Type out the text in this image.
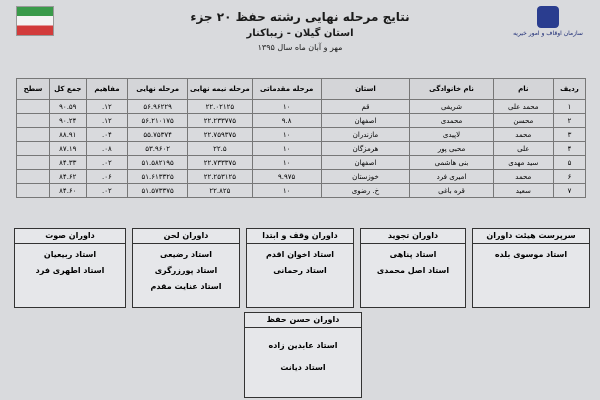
سازمان اوقاف و امور خیریه
نتایج مرحله نهایی رشته حفظ ۲۰ جزء
استان گیلان - زیباکنار
مهر و آبان ماه سال ۱۳۹۵
ردیف	نام	نام خانوادگی	استان	مرحله مقدماتی	مرحله نیمه نهایی	مرحله نهایی	مفاهیم	جمع کل	سطح
۱	محمد علی	شریفی	قم	۱۰	۲۲.۰۲۱۲۵	۵۶.۹۶۲۲۹	۱۲.	۹۰.۵۹	
۲	محسن	محمدی	اصفهان	۹.۸	۲۲.۲۳۳۷۷۵	۵۶.۲۱۰۱۷۵	۱۲.	۹۰.۲۴	
۳	محمد	لاپیدی	مازندران	۱۰	۲۲.۷۵۹۳۷۵	۵۵.۷۵۳۷۴	۰۴.	۸۸.۹۱	
۴	علی	محبی پور	هرمزگان	۱۰	۲۲.۵	۵۳.۹۶۰۲	۰۸.	۸۷.۱۹	
۵	سید مهدی	بنی هاشمی	اصفهان	۱۰	۲۲.۷۳۳۳۷۵	۵۱.۵۸۲۱۹۵	۰۲.	۸۴.۳۳	
۶	محمد	امیری فرد	خوزستان	۹.۹۷۵	۲۲.۲۵۳۱۲۵	۵۱.۶۱۳۳۲۵	۰۶.	۸۴.۶۲	
۷	سعید	قره باغی	خ. رضوی	۱۰	۲۲.۸۲۵	۵۱.۵۷۳۳۷۵	۰۲.	۸۴.۶۰	
سرپرست هیئت داوران
استاد موسوی بلده
داوران تجوید
استاد پناهی
استاد اصل محمدی
داوران وقف و ابتدا
استاد اخوان اقدم
استاد رحمانی
داوران لحن
استاد رضیعی
استاد پورزرگری
استاد عنایت مقدم
داوران صوت
استاد ربیعیان
استاد اطهری فرد
داوران حسن حفظ
استاد عابدین زاده
استاد دیانت
